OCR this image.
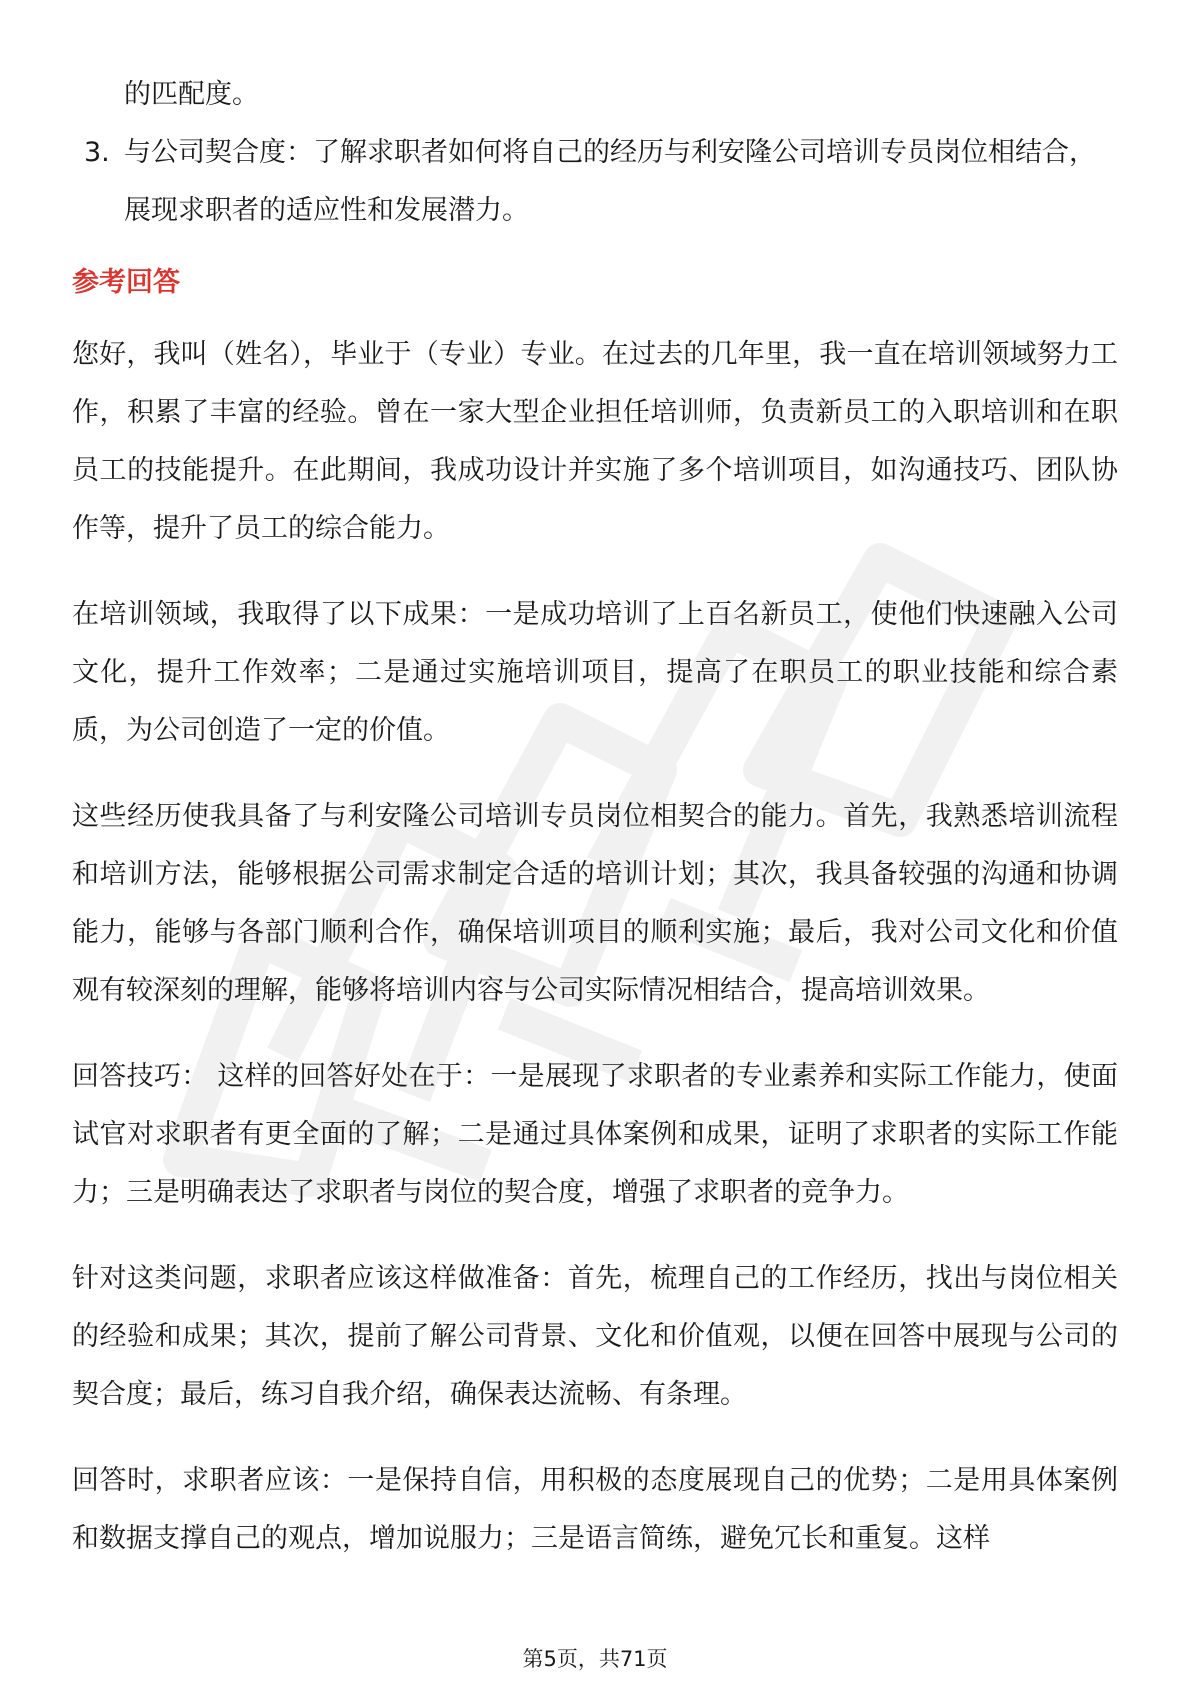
的匹配度。

3. 与公司契合度：了解求职者如何将自己的经历与利安隆公司培训专员岗位相结合，展现求职者的适应性和发展潜力。

参考回答

您好，我叫（姓名），毕业于（专业）专业。在过去的几年里，我一直在培训领域努力工作，积累了丰富的经验。曾在一家大型企业担任培训师，负责新员工的入职培训和在职员工的技能提升。在此期间，我成功设计并实施了多个培训项目，如沟通技巧、团队协作等，提升了员工的综合能力。

在培训领域，我取得了以下成果：一是成功培训了上百名新员工，使他们快速融入公司文化，提升工作效率；二是通过实施培训项目，提高了在职员工的职业技能和综合素质，为公司创造了一定的价值。

这些经历使我具备了与利安隆公司培训专员岗位相契合的能力。首先，我熟悉培训流程和培训方法，能够根据公司需求制定合适的培训计划；其次，我具备较强的沟通和协调能力，能够与各部门顺利合作，确保培训项目的顺利实施；最后，我对公司文化和价值观有较深刻的理解，能够将培训内容与公司实际情况相结合，提高培训效果。

回答技巧： 这样的回答好处在于：一是展现了求职者的专业素养和实际工作能力，使面试官对求职者有更全面的了解；二是通过具体案例和成果，证明了求职者的实际工作能力；三是明确表达了求职者与岗位的契合度，增强了求职者的竞争力。

针对这类问题，求职者应该这样做准备：首先，梳理自己的工作经历，找出与岗位相关的经验和成果；其次，提前了解公司背景、文化和价值观，以便在回答中展现与公司的契合度；最后，练习自我介绍，确保表达流畅、有条理。

回答时，求职者应该：一是保持自信，用积极的态度展现自己的优势；二是用具体案例和数据支撑自己的观点，增加说服力；三是语言简练，避免冗长和重复。这样

第5页，共71页
